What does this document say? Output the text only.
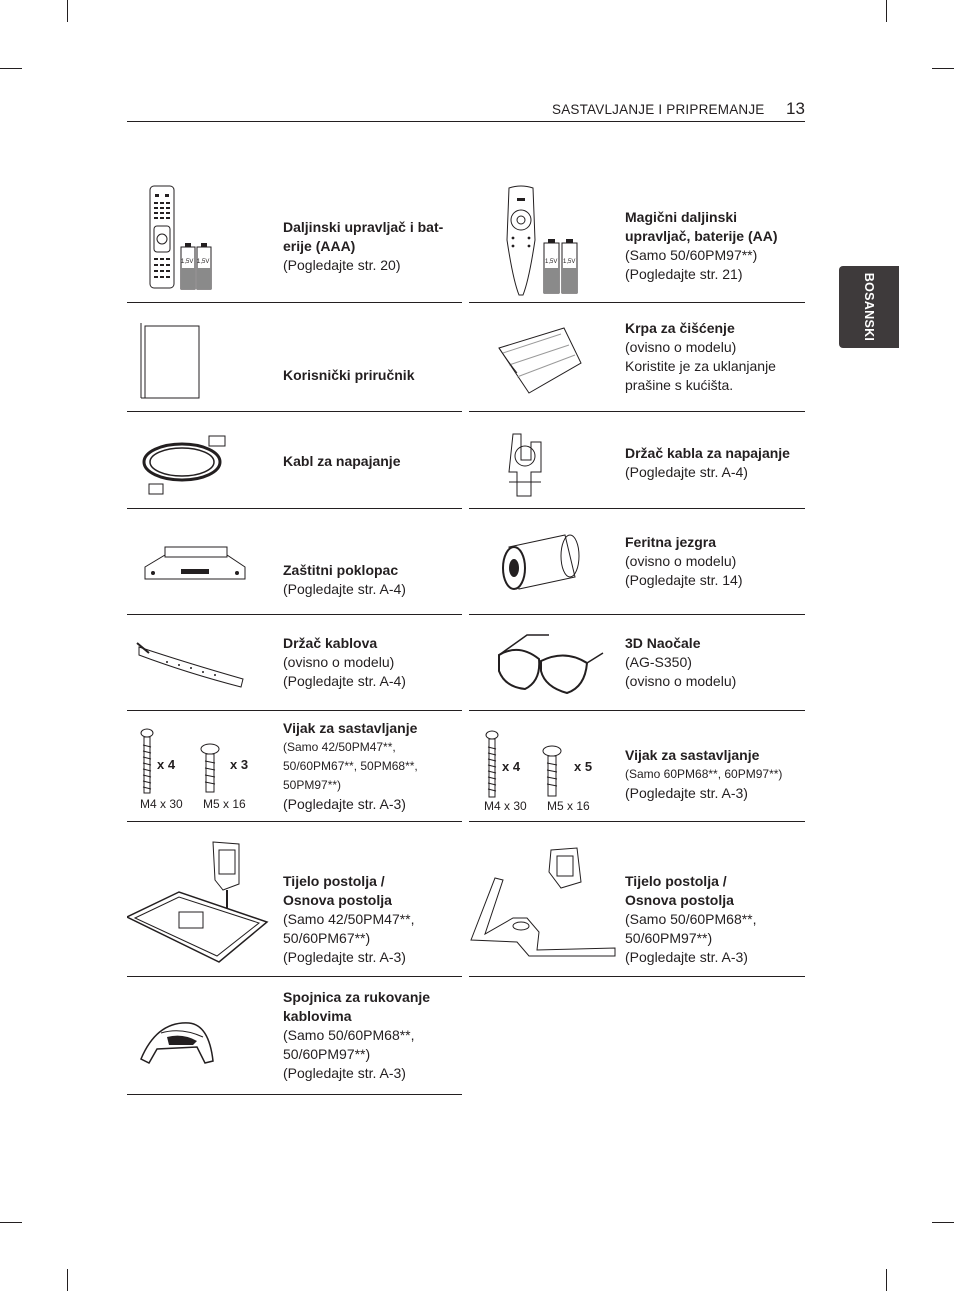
SASTAVLJANJE I PRIPREMANJE 13
BOSANSKI
1,5V 1,5V
Daljinski upravljač i bat-
erije (AAA)
(Pogledajte str. 20)	1,5V 1,5V
Magični daljinski
upravljač, baterije (AA)
(Samo 50/60PM97**)
(Pogledajte str. 21)
Korisnički priručnik
Krpa za čišćenje
(ovisno o modelu)
Koristite je za uklanjanje
prašine s kućišta.
Kabl za napajanje	Držač kabla za napajanje
(Pogledajte str. A-4)
Zaštitni poklopac
(Pogledajte str. A-4)
Feritna jezgra
(ovisno o modelu)
(Pogledajte str. 14)
Držač kablova
(ovisno o modelu)
(Pogledajte str. A-4)
3D Naočale
(AG-S350)
(ovisno o modelu)
x 4	x 3
M4 x 30 M5 x 16
Vijak za sastavljanje
(Samo 42/50PM47**,
50/60PM67**, 50PM68**,
50PM97**)
(Pogledajte str. A-3)
x 4	x 5
M4 x 30 M5 x 16
Vijak za sastavljanje
(Samo 60PM68**, 60PM97**)
(Pogledajte str. A-3)
Tijelo postolja /
Osnova postolja
(Samo 42/50PM47**,
50/60PM67**)
(Pogledajte str. A-3)
Tijelo postolja /
Osnova postolja
(Samo 50/60PM68**,
50/60PM97**)
(Pogledajte str. A-3)
Spojnica za rukovanje
kablovima
(Samo 50/60PM68**,
50/60PM97**)
(Pogledajte str. A-3)
